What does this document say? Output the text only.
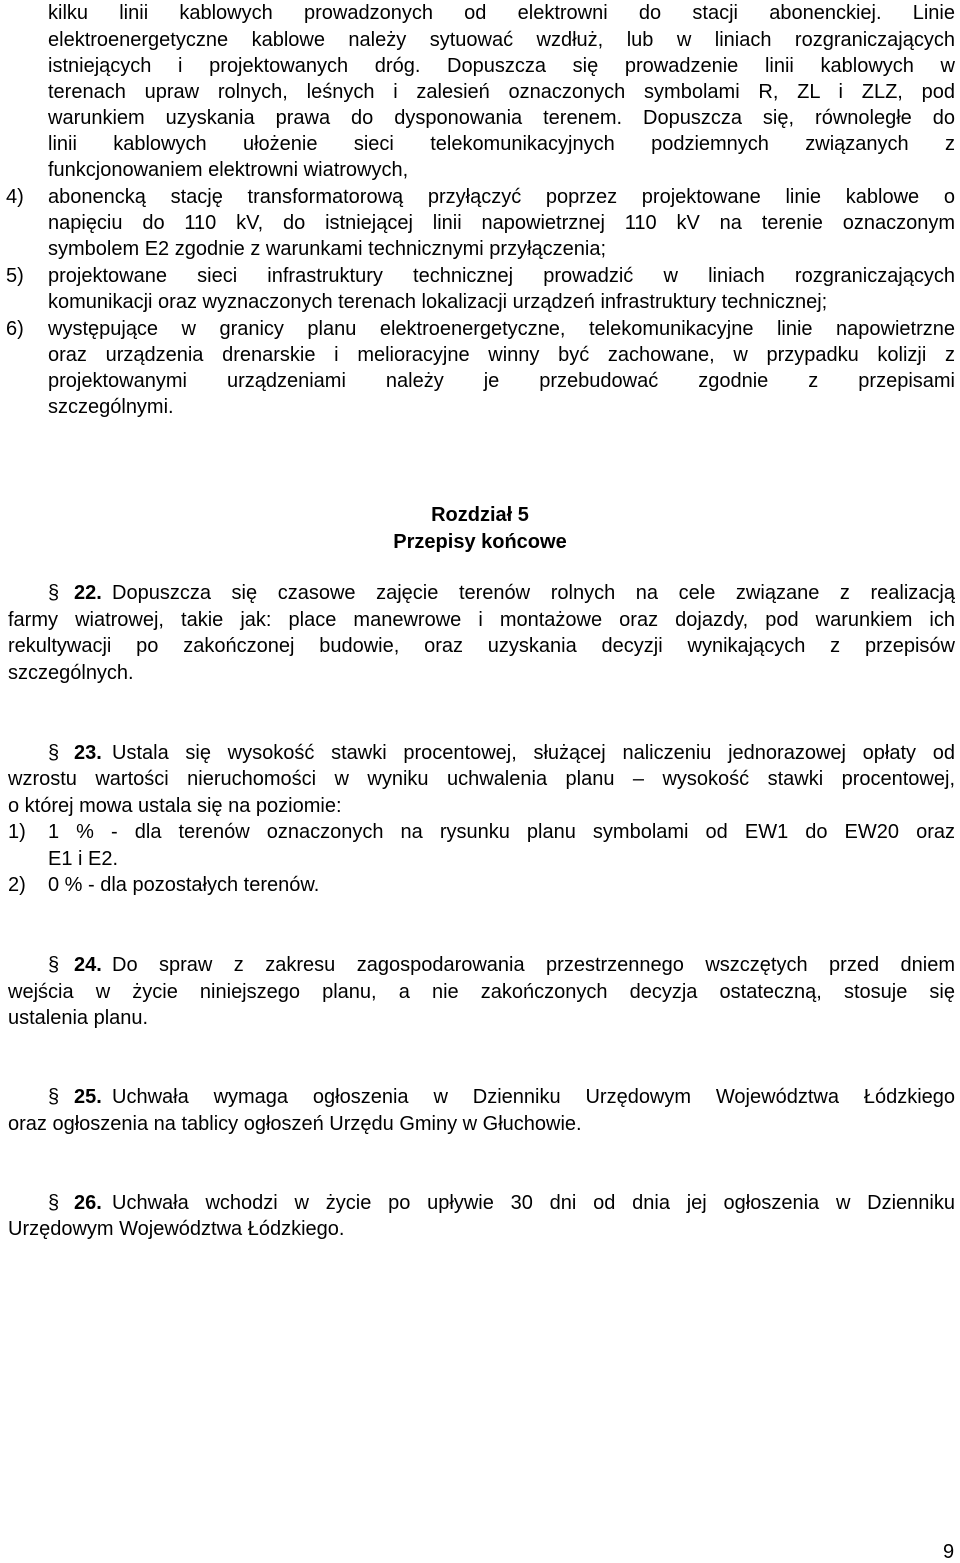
kilku linii kablowych prowadzonych od elektrowni do stacji abonenckiej. Linie
elektroenergetyczne kablowe należy sytuować wzdłuż, lub w liniach rozgraniczających
istniejących i projektowanych dróg. Dopuszcza się prowadzenie linii kablowych w
terenach upraw rolnych, leśnych i zalesień oznaczonych symbolami R, ZL i ZLZ, pod
warunkiem uzyskania prawa do dysponowania terenem. Dopuszcza się, równoległe do
linii kablowych ułożenie sieci telekomunikacyjnych podziemnych związanych z
funkcjonowaniem elektrowni wiatrowych,
4) abonencką stację transformatorową przyłączyć poprzez projektowane linie kablowe o
napięciu do 110 kV, do istniejącej linii napowietrznej 110 kV na terenie oznaczonym
symbolem E2 zgodnie z warunkami technicznymi przyłączenia;
5) projektowane sieci infrastruktury technicznej prowadzić w liniach rozgraniczających
komunikacji oraz wyznaczonych terenach lokalizacji urządzeń infrastruktury technicznej;
6) występujące w granicy planu elektroenergetyczne, telekomunikacyjne linie napowietrzne
oraz urządzenia drenarskie i melioracyjne winny być zachowane, w przypadku kolizji z
projektowanymi urządzeniami należy je przebudować zgodnie z przepisami
szczególnymi.
Rozdział 5
Przepisy końcowe
§ 22. Dopuszcza się czasowe zajęcie terenów rolnych na cele związane z realizacją
farmy wiatrowej, takie jak: place manewrowe i montażowe oraz dojazdy, pod warunkiem ich
rekultywacji po zakończonej budowie, oraz uzyskania decyzji wynikających z przepisów
szczególnych.
§ 23. Ustala się wysokość stawki procentowej, służącej naliczeniu jednorazowej opłaty od
wzrostu wartości nieruchomości w wyniku uchwalenia planu – wysokość stawki procentowej,
o której mowa ustala się na poziomie:
1) 1 % - dla terenów oznaczonych na rysunku planu symbolami od EW1 do EW20 oraz
E1 i E2.
2) 0 % - dla pozostałych terenów.
§ 24. Do spraw z zakresu zagospodarowania przestrzennego wszczętych przed dniem
wejścia w życie niniejszego planu, a nie zakończonych decyzja ostateczną, stosuje się
ustalenia planu.
§ 25. Uchwała wymaga ogłoszenia w Dzienniku Urzędowym Województwa Łódzkiego
oraz ogłoszenia na tablicy ogłoszeń Urzędu Gminy w Głuchowie.
§ 26. Uchwała wchodzi w życie po upływie 30 dni od dnia jej ogłoszenia w Dzienniku
Urzędowym Województwa Łódzkiego.
9
